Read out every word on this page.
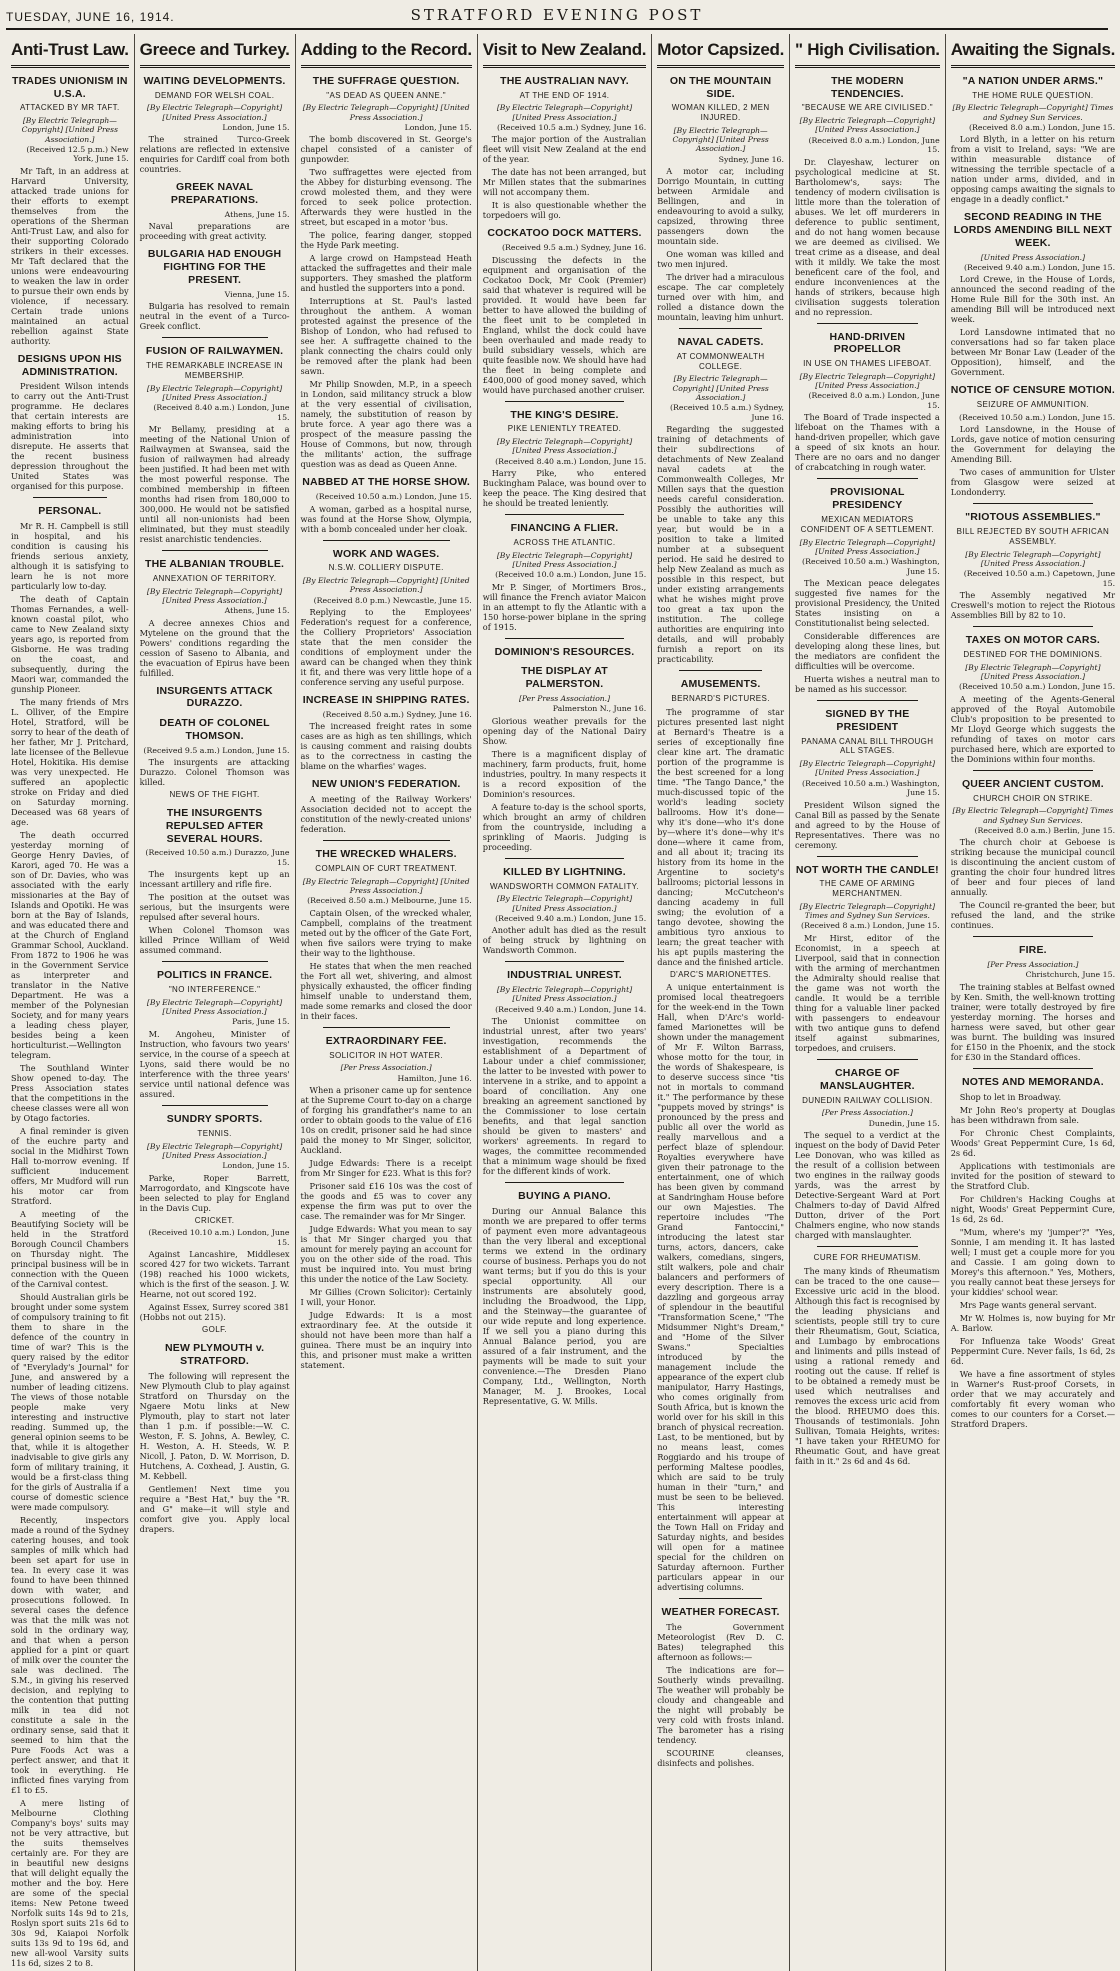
TUESDAY, JUNE 16, 1914.	STRATFORD EVENING POST
Anti-Trust Law.
TRADES UNIONISM IN U.S.A.
ATTACKED BY MR TAFT.
[By Electric Telegraph—Copyright] [United Press Association.]
(Received 12.5 p.m.) New York, June 15.
Mr Taft, in an address at Harvard University, attacked trade unions for their efforts to exempt themselves from the operations of the Sherman Anti-Trust Law, and also for their supporting Colorado strikers in their excesses. Mr Taft declared that the unions were endeavouring to weaken the law in order to pursue their own ends by violence, if necessary. Certain trade unions maintained an actual rebellion against State authority.
DESIGNS UPON HIS ADMINISTRATION.
President Wilson intends to carry out the Anti-Trust programme. He declares that certain interests are making efforts to bring his administration into disrepute. He asserts that the recent business depression throughout the United States was organised for this purpose.
PERSONAL.
Mr R. H. Campbell is still in hospital, and his condition is causing his friends serious anxiety, although it is satisfying to learn he is not more particularly low to-day.
The death of Captain Thomas Fernandes, a well-known coastal pilot, who came to New Zealand sixty years ago, is reported from Gisborne. He was trading on the coast, and subsequently, during the Maori war, commanded the gunship Pioneer.
The many friends of Mrs L. Olliver, of the Empire Hotel, Stratford, will be sorry to hear of the death of her father, Mr J. Pritchard, late licensee of the Bellevue Hotel, Hokitika. His demise was very unexpected. He suffered an apoplectic stroke on Friday and died on Saturday morning. Deceased was 68 years of age.
The death occurred yesterday morning of George Henry Davies, of Karori, aged 70. He was a son of Dr. Davies, who was associated with the early missionaries at the Bay of Islands and Opotiki. He was born at the Bay of Islands, and was educated there and at the Church of England Grammar School, Auckland. From 1872 to 1906 he was in the Government Service as interpreter and translator in the Native Department. He was a member of the Polynesian Society, and for many years a leading chess player, besides being a keen horticulturist.—Wellington telegram.
The Southland Winter Show opened to-day. The Press Association states that the competitions in the cheese classes were all won by Otago factories.
A final reminder is given of the euchre party and social in the Midhirst Town Hall to-morrow evening. If sufficient inducement offers, Mr Mudford will run his motor car from Stratford.
A meeting of the Beautifying Society will be held in the Stratford Borough Council Chambers on Thursday night. The principal business will be in connection with the Queen of the Carnival contest.
Should Australian girls be brought under some system of compulsory training to fit them to share in the defence of the country in time of war? This is the query raised by the editor of "Everylady's Journal" for June, and answered by a number of leading citizens. The views of those notable people make very interesting and instructive reading. Summed up, the general opinion seems to be that, while it is altogether inadvisable to give girls any form of military training, it would be a first-class thing for the girls of Australia if a course of domestic science were made compulsory.
Recently, inspectors made a round of the Sydney catering houses, and took samples of milk which had been set apart for use in tea. In every case it was found to have been thinned down with water, and prosecutions followed. In several cases the defence was that the milk was not sold in the ordinary way, and that when a person applied for a pint or quart of milk over the counter the sale was declined. The S.M., in giving his reserved decision, and replying to the contention that putting milk in tea did not constitute a sale in the ordinary sense, said that it seemed to him that the Pure Foods Act was a perfect answer, and that it took in everything. He inflicted fines varying from £1 to £5.
A mere listing of Melbourne Clothing Company's boys' suits may not be very attractive, but the suits themselves certainly are. For they are in beautiful new designs that will delight equally the mother and the boy. Here are some of the special items: New Petone tweed Norfolk suits 14s 9d to 21s, Roslyn sport suits 21s 6d to 30s 9d, Kaiapoi Norfolk suits 13s 9d to 19s 6d, and new all-wool Varsity suits 11s 6d, sizes 2 to 8.
Greece and Turkey.
WAITING DEVELOPMENTS.
DEMAND FOR WELSH COAL.
[By Electric Telegraph—Copyright] [United Press Association.]
London, June 15.
The strained Turco-Greek relations are reflected in extensive enquiries for Cardiff coal from both countries.
GREEK NAVAL PREPARATIONS.
Athens, June 15.
Naval preparations are proceeding with great activity.
BULGARIA HAD ENOUGH FIGHTING FOR THE PRESENT.
Vienna, June 15.
Bulgaria has resolved to remain neutral in the event of a Turco-Greek conflict.
FUSION OF RAILWAYMEN.
THE REMARKABLE INCREASE IN MEMBERSHIP.
[By Electric Telegraph—Copyright] [United Press Association.]
(Received 8.40 a.m.) London, June 15.
Mr Bellamy, presiding at a meeting of the National Union of Railwaymen at Swansea, said the fusion of railwaymen had already been justified. It had been met with the most powerful response. The combined membership in fifteen months had risen from 180,000 to 300,000. He would not be satisfied until all non-unionists had been eliminated, but they must steadily resist anarchistic tendencies.
THE ALBANIAN TROUBLE.
ANNEXATION OF TERRITORY.
[By Electric Telegraph—Copyright] [United Press Association.]
Athens, June 15.
A decree annexes Chios and Mytelene on the ground that the Powers' conditions regarding the cession of Saseno to Albania, and the evacuation of Epirus have been fulfilled.
INSURGENTS ATTACK DURAZZO.
DEATH OF COLONEL THOMSON.
(Received 9.5 a.m.) London, June 15.
The insurgents are attacking Durazzo. Colonel Thomson was killed.
NEWS OF THE FIGHT.
THE INSURGENTS REPULSED AFTER SEVERAL HOURS.
(Received 10.50 a.m.) Durazzo, June 15.
The insurgents kept up an incessant artillery and rifle fire.
The position at the outset was serious, but the insurgents were repulsed after several hours.
When Colonel Thomson was killed Prince William of Weid assumed command.
POLITICS IN FRANCE.
"NO INTERFERENCE."
[By Electric Telegraph—Copyright] [United Press Association.]
Paris, June 15.
M. Angoheu, Minister of Instruction, who favours two years' service, in the course of a speech at Lyons, said there would be no interference with the three years' service until national defence was assured.
SUNDRY SPORTS.
TENNIS.
[By Electric Telegraph—Copyright] [United Press Association.]
London, June 15.
Parke, Roper Barrett, Marrogordato, and Kingscote have been selected to play for England in the Davis Cup.
CRICKET.
(Received 10.10 a.m.) London, June 15.
Against Lancashire, Middlesex scored 427 for two wickets. Tarrant (198) reached his 1000 wickets, which is the first of the season. J. W. Hearne, not out scored 192.
Against Essex, Surrey scored 381 (Hobbs not out 215).
GOLF.
NEW PLYMOUTH v. STRATFORD.
The following will represent the New Plymouth Club to play against Stratford on Thursday on the Ngaere Motu links at New Plymouth, play to start not later than 1 p.m. if possible:—W. C. Weston, F. S. Johns, A. Bewley, C. H. Weston, A. H. Steeds, W. P. Nicoll, J. Paton, D. W. Morrison, D. Hutchens, A. Coxhead, J. Austin, G. M. Kebbell.
Gentlemen! Next time you require a "Best Hat," buy the "R. and G" make—it will style and comfort give you. Apply local drapers.
Adding to the Record.
THE SUFFRAGE QUESTION.
"AS DEAD AS QUEEN ANNE."
[By Electric Telegraph—Copyright] [United Press Association.]
London, June 15.
The bomb discovered in St. George's chapel consisted of a canister of gunpowder.
Two suffragettes were ejected from the Abbey for disturbing evensong. The crowd molested them, and they were forced to seek police protection. Afterwards they were hustled in the street, but escaped in a motor 'bus.
The police, fearing danger, stopped the Hyde Park meeting.
A large crowd on Hampstead Heath attacked the suffragettes and their male supporters. They smashed the platform and hustled the supporters into a pond.
Interruptions at St. Paul's lasted throughout the anthem. A woman protested against the presence of the Bishop of London, who had refused to see her. A suffragette chained to the plank connecting the chairs could only be removed after the plank had been sawn.
Mr Philip Snowden, M.P., in a speech in London, said militancy struck a blow at the very essential of civilisation, namely, the substitution of reason by brute force. A year ago there was a prospect of the measure passing the House of Commons, but now, through the militants' action, the suffrage question was as dead as Queen Anne.
NABBED AT THE HORSE SHOW.
(Received 10.50 a.m.) London, June 15.
A woman, garbed as a hospital nurse, was found at the Horse Show, Olympia, with a bomb concealed under her cloak.
WORK AND WAGES.
N.S.W. COLLIERY DISPUTE.
[By Electric Telegraph—Copyright] [United Press Association.]
(Received 8.0 p.m.) Newcastle, June 15.
Replying to the Employees' Federation's request for a conference, the Colliery Proprietors' Association state that the men consider the conditions of employment under the award can be changed when they think it fit, and there was very little hope of a conference serving any useful purpose.
INCREASE IN SHIPPING RATES.
(Received 8.50 a.m.) Sydney, June 16.
The increased freight rates in some cases are as high as ten shillings, which is causing comment and raising doubts as to the correctness in casting the blame on the wharfies' wages.
NEW UNION'S FEDERATION.
A meeting of the Railway Workers' Association decided not to accept the constitution of the newly-created unions' federation.
THE WRECKED WHALERS.
COMPLAIN OF CURT TREATMENT.
[By Electric Telegraph—Copyright] [United Press Association.]
(Received 8.50 a.m.) Melbourne, June 15.
Captain Olsen, of the wrecked whaler, Campbell, complains of the treatment meted out by the officer of the Gate Fort, when five sailors were trying to make their way to the lighthouse.
He states that when the men reached the Fort all wet, shivering, and almost physically exhausted, the officer finding himself unable to understand them, made some remarks and closed the door in their faces.
EXTRAORDINARY FEE.
SOLICITOR IN HOT WATER.
[Per Press Association.]
Hamilton, June 16.
When a prisoner came up for sentence at the Supreme Court to-day on a charge of forging his grandfather's name to an order to obtain goods to the value of £16 10s on credit, prisoner said he had since paid the money to Mr Singer, solicitor, Auckland.
Judge Edwards: There is a receipt from Mr Singer for £23. What is this for?
Prisoner said £16 10s was the cost of the goods and £5 was to cover any expense the firm was put to over the case. The remainder was for Mr Singer.
Judge Edwards: What you mean to say is that Mr Singer charged you that amount for merely paying an account for you on the other side of the road. This must be inquired into. You must bring this under the notice of the Law Society.
Mr Gillies (Crown Solicitor): Certainly I will, your Honor.
Judge Edwards: It is a most extraordinary fee. At the outside it should not have been more than half a guinea. There must be an inquiry into this, and prisoner must make a written statement.
Visit to New Zealand.
THE AUSTRALIAN NAVY.
AT THE END OF 1914.
[By Electric Telegraph—Copyright] [United Press Association.]
(Received 10.5 a.m.) Sydney, June 16.
The major portion of the Australian fleet will visit New Zealand at the end of the year.
The date has not been arranged, but Mr Millen states that the submarines will not accompany them.
It is also questionable whether the torpedoers will go.
COCKATOO DOCK MATTERS.
(Received 9.5 a.m.) Sydney, June 16.
Discussing the defects in the equipment and organisation of the Cockatoo Dock, Mr Cook (Premier) said that whatever is required will be provided. It would have been far better to have allowed the building of the fleet unit to be completed in England, whilst the dock could have been overhauled and made ready to build subsidiary vessels, which are quite feasible now. We should have had the fleet in being complete and £400,000 of good money saved, which would have purchased another cruiser.
THE KING'S DESIRE.
PIKE LENIENTLY TREATED.
[By Electric Telegraph—Copyright] [United Press Association.]
(Received 8.40 a.m.) London, June 15.
Harry Pike, who entered Buckingham Palace, was bound over to keep the peace. The King desired that he should be treated leniently.
FINANCING A FLIER.
ACROSS THE ATLANTIC.
[By Electric Telegraph—Copyright] [United Press Association.]
(Received 10.0 a.m.) London, June 15.
Mr P. Singer, of Mortimers Bros., will finance the French aviator Maicon in an attempt to fly the Atlantic with a 150 horse-power biplane in the spring of 1915.
DOMINION'S RESOURCES.
THE DISPLAY AT PALMERSTON.
[Per Press Association.]
Palmerston N., June 16.
Glorious weather prevails for the opening day of the National Dairy Show.
There is a magnificent display of machinery, farm products, fruit, home industries, poultry. In many respects it is a record exposition of the Dominion's resources.
A feature to-day is the school sports, which brought an army of children from the countryside, including a sprinkling of Maoris. Judging is proceeding.
KILLED BY LIGHTNING.
WANDSWORTH COMMON FATALITY.
[By Electric Telegraph—Copyright] [United Press Association.]
(Received 9.40 a.m.) London, June 15.
Another adult has died as the result of being struck by lightning on Wandsworth Common.
INDUSTRIAL UNREST.
[By Electric Telegraph—Copyright] [United Press Association.]
(Received 9.40 a.m.) London, June 14.
The Unionist committee on industrial unrest, after two years' investigation, recommends the establishment of a Department of Labour under a chief commissioner, the latter to be invested with power to intervene in a strike, and to appoint a board of conciliation. Any one breaking an agreement sanctioned by the Commissioner to lose certain benefits, and that legal sanction should be given to masters' and workers' agreements. In regard to wages, the committee recommended that a minimum wage should be fixed for the different kinds of work.
BUYING A PIANO.
During our Annual Balance this month we are prepared to offer terms of payment even more advantageous than the very liberal and exceptional terms we extend in the ordinary course of business. Perhaps you do not want terms; but if you do this is your special opportunity. All our instruments are absolutely good, including the Broadwood, the Lipp, and the Steinway—the guarantee of our wide repute and long experience. If we sell you a piano during this Annual Balance period, you are assured of a fair instrument, and the payments will be made to suit your convenience.—The Dresden Piano Company, Ltd., Wellington, North Manager, M. J. Brookes, Local Representative, G. W. Mills.
Motor Capsized.
ON THE MOUNTAIN SIDE.
WOMAN KILLED, 2 MEN INJURED.
[By Electric Telegraph—Copyright] [United Press Association.]
Sydney, June 16.
A motor car, including Dorrigo Mountain, in cutting between Armidale and Bellingen, and in endeavouring to avoid a sulky, capsized, throwing three passengers down the mountain side.
One woman was killed and two men injured.
The driver had a miraculous escape. The car completely turned over with him, and rolled a distance down the mountain, leaving him unhurt.
NAVAL CADETS.
AT COMMONWEALTH COLLEGE.
[By Electric Telegraph—Copyright] [United Press Association.]
(Received 10.5 a.m.) Sydney, June 16.
Regarding the suggested training of detachments of their subdirections of detachments of New Zealand naval cadets at the Commonwealth Colleges, Mr Millen says that the question needs careful consideration. Possibly the authorities will be unable to take any this year, but would be in a position to take a limited number at a subsequent period. He said he desired to help New Zealand as much as possible in this respect, but under existing arrangements what he wishes might prove too great a tax upon the institution. The college authorities are enquiring into details, and will probably furnish a report on its practicability.
AMUSEMENTS.
BERNARD'S PICTURES.
The programme of star pictures presented last night at Bernard's Theatre is a series of exceptionally fine clear kine art. The dramatic portion of the programme is the best screened for a long time. "The Tango Dance," the much-discussed topic of the world's leading society ballrooms. How it's done—why it's done—who it's done by—where it's done—why it's done—where it came from, and all about it; tracing its history from its home in the Argentine to society's ballrooms; pictorial lessons in dancing; McCutcheon's dancing academy in full swing; the evolution of a tango devotee, showing the ambitious tyro anxious to learn; the great teacher with his apt pupils mastering the dance and the finished article.
D'ARC'S MARIONETTES.
A unique entertainment is promised local theatregoers for the week-end in the Town Hall, when D'Arc's world-famed Marionettes will be shown under the management of Mr F. Wilton Barrass, whose motto for the tour, in the words of Shakespeare, is to deserve success since "tis not in mortals to command it." The performance by these "puppets moved by strings" is pronounced by the press and public all over the world as really marvellous and a perfect blaze of splendour. Royalties everywhere have given their patronage to the entertainment, one of which has been given by command at Sandringham House before our own Majesties. The repertoire includes "The Grand Fantoccini," introducing the latest star turns, actors, dancers, cake walkers, comedians, singers, stilt walkers, pole and chair balancers and performers of every description. There is a dazzling and gorgeous array of splendour in the beautiful "Transformation Scene," "The Midsummer Night's Dream," and "Home of the Silver Swans." Specialties introduced by the management include the appearance of the expert club manipulator, Harry Hastings, who comes originally from South Africa, but is known the world over for his skill in this branch of physical recreation. Last, to be mentioned, but by no means least, comes Roggiardo and his troupe of performing Maltese poodles, which are said to be truly human in their "turn," and must be seen to be believed. This interesting entertainment will appear at the Town Hall on Friday and Saturday nights, and besides will open for a matinee special for the children on Saturday afternoon. Further particulars appear in our advertising columns.
WEATHER FORECAST.
The Government Meteorologist (Rev D. C. Bates) telegraphed this afternoon as follows:—
The indications are for—Southerly winds prevailing. The weather will probably be cloudy and changeable and the night will probably be very cold with frosts inland. The barometer has a rising tendency.
SCOURINE cleanses, disinfects and polishes.
" High Civilisation.
THE MODERN TENDENCIES.
"BECAUSE WE ARE CIVILISED."
[By Electric Telegraph—Copyright] [United Press Association.]
(Received 8.0 a.m.) London, June 15.
Dr. Clayeshaw, lecturer on psychological medicine at St. Bartholomew's, says: The tendency of modern civilisation is little more than the toleration of abuses. We let off murderers in deference to public sentiment, and do not hang women because we are deemed as civilised. We treat crime as a disease, and deal with it mildly. We take the most beneficent care of the fool, and endure inconveniences at the hands of strikers, because high civilisation suggests toleration and no repression.
HAND-DRIVEN PROPELLOR
IN USE ON THAMES LIFEBOAT.
[By Electric Telegraph—Copyright] [United Press Association.]
(Received 8.0 a.m.) London, June 15.
The Board of Trade inspected a lifeboat on the Thames with a hand-driven propeller, which gave a speed of six knots an hour. There are no oars and no danger of crabcatching in rough water.
PROVISIONAL PRESIDENCY
MEXICAN MEDIATORS CONFIDENT OF A SETTLEMENT.
[By Electric Telegraph—Copyright] [United Press Association.]
(Received 10.50 a.m.) Washington, June 15.
The Mexican peace delegates suggested five names for the provisional Presidency, the United States insisting on a Constitutionalist being selected.
Considerable differences are developing along these lines, but the mediators are confident the difficulties will be overcome.
Huerta wishes a neutral man to be named as his successor.
SIGNED BY THE PRESIDENT
PANAMA CANAL BILL THROUGH ALL STAGES.
[By Electric Telegraph—Copyright] [United Press Association.]
(Received 10.50 a.m.) Washington, June 15.
President Wilson signed the Canal Bill as passed by the Senate and agreed to by the House of Representatives. There was no ceremony.
NOT WORTH THE CANDLE!
THE CAME OF ARMING MERCHANTMEN.
[By Electric Telegraph—Copyright] Times and Sydney Sun Services.
(Received 8 a.m.) London, June 15.
Mr Hirst, editor of the Economist, in a speech at Liverpool, said that in connection with the arming of merchantmen the Admiralty should realise that the game was not worth the candle. It would be a terrible thing for a valuable liner packed with passengers to endeavour with two antique guns to defend itself against submarines, torpedoes, and cruisers.
CHARGE OF MANSLAUGHTER.
DUNEDIN RAILWAY COLLISION.
[Per Press Association.]
Dunedin, June 15.
The sequel to a verdict at the inquest on the body of David Peter Lee Donovan, who was killed as the result of a collision between two engines in the railway goods yards, was the arrest by Detective-Sergeant Ward at Port Chalmers to-day of David Alfred Dutton, driver of the Port Chalmers engine, who now stands charged with manslaughter.
CURE FOR RHEUMATISM.
The many kinds of Rheumatism can be traced to the one cause—Excessive uric acid in the blood. Although this fact is recognised by the leading physicians and scientists, people still try to cure their Rheumatism, Gout, Sciatica, and Lumbago by embrocations and liniments and pills instead of using a rational remedy and rooting out the cause. If relief is to be obtained a remedy must be used which neutralises and removes the excess uric acid from the blood. RHEUMO does this. Thousands of testimonials. John Sullivan, Tomaia Heights, writes: "I have taken your RHEUMO for Rheumatic Gout, and have great faith in it." 2s 6d and 4s 6d.
Awaiting the Signals.
"A NATION UNDER ARMS."
THE HOME RULE QUESTION.
[By Electric Telegraph—Copyright] Times and Sydney Sun Services.
(Received 8.0 a.m.) London, June 15.
Lord Blyth, in a letter on his return from a visit to Ireland, says: "We are within measurable distance of witnessing the terrible spectacle of a nation under arms, divided, and in opposing camps awaiting the signals to engage in a deadly conflict."
SECOND READING IN THE LORDS AMENDING BILL NEXT WEEK.
[United Press Association.]
(Received 9.40 a.m.) London, June 15.
Lord Crewe, in the House of Lords, announced the second reading of the Home Rule Bill for the 30th inst. An amending Bill will be introduced next week.
Lord Lansdowne intimated that no conversations had so far taken place between Mr Bonar Law (Leader of the Opposition), himself, and the Government.
NOTICE OF CENSURE MOTION.
SEIZURE OF AMMUNITION.
(Received 10.50 a.m.) London, June 15.
Lord Lansdowne, in the House of Lords, gave notice of motion censuring the Government for delaying the Amending Bill.
Two cases of ammunition for Ulster from Glasgow were seized at Londonderry.
"RIOTOUS ASSEMBLIES."
BILL REJECTED BY SOUTH AFRICAN ASSEMBLY.
[By Electric Telegraph—Copyright] [United Press Association.]
(Received 10.50 a.m.) Capetown, June 15.
The Assembly negatived Mr Creswell's motion to reject the Riotous Assemblies Bill by 82 to 10.
TAXES ON MOTOR CARS.
DESTINED FOR THE DOMINIONS.
[By Electric Telegraph—Copyright] [United Press Association.]
(Received 10.50 a.m.) London, June 15.
A meeting of the Agents-General approved of the Royal Automobile Club's proposition to be presented to Mr Lloyd George which suggests the refunding of taxes on motor cars purchased here, which are exported to the Dominions within four months.
QUEER ANCIENT CUSTOM.
CHURCH CHOIR ON STRIKE.
[By Electric Telegraph—Copyright] Times and Sydney Sun Services.
(Received 8.0 a.m.) Berlin, June 15.
The church choir at Geboese is striking because the municipal council is discontinuing the ancient custom of granting the choir four hundred litres of beer and four pieces of land annually.
The Council re-granted the beer, but refused the land, and the strike continues.
FIRE.
[Per Press Association.]
Christchurch, June 15.
The training stables at Belfast owned by Ken. Smith, the well-known trotting trainer, were totally destroyed by fire yesterday morning. The horses and harness were saved, but other gear was burnt. The building was insured for £150 in the Phoenix, and the stock for £30 in the Standard offices.
NOTES AND MEMORANDA.
Shop to let in Broadway.
Mr John Reo's property at Douglas has been withdrawn from sale.
For Chronic Chest Complaints, Woods' Great Peppermint Cure, 1s 6d, 2s 6d.
Applications with testimonials are invited for the position of steward to the Stratford Club.
For Children's Hacking Coughs at night, Woods' Great Peppermint Cure, 1s 6d, 2s 6d.
"Mum, where's my 'jumper'?" "Yes, Sonnie, I am mending it. It has lasted well; I must get a couple more for you and Cassie. I am going down to Morey's this afternoon." Yes, Mothers, you really cannot beat these jerseys for your kiddies' school wear.
Mrs Page wants general servant.
Mr W. Holmes is, now buying for Mr A. Barlow.
For Influenza take Woods' Great Peppermint Cure. Never fails, 1s 6d, 2s 6d.
We have a fine assortment of styles in Warner's Rust-proof Corsets, in order that we may accurately and comfortably fit every woman who comes to our counters for a Corset.—Stratford Drapers.
